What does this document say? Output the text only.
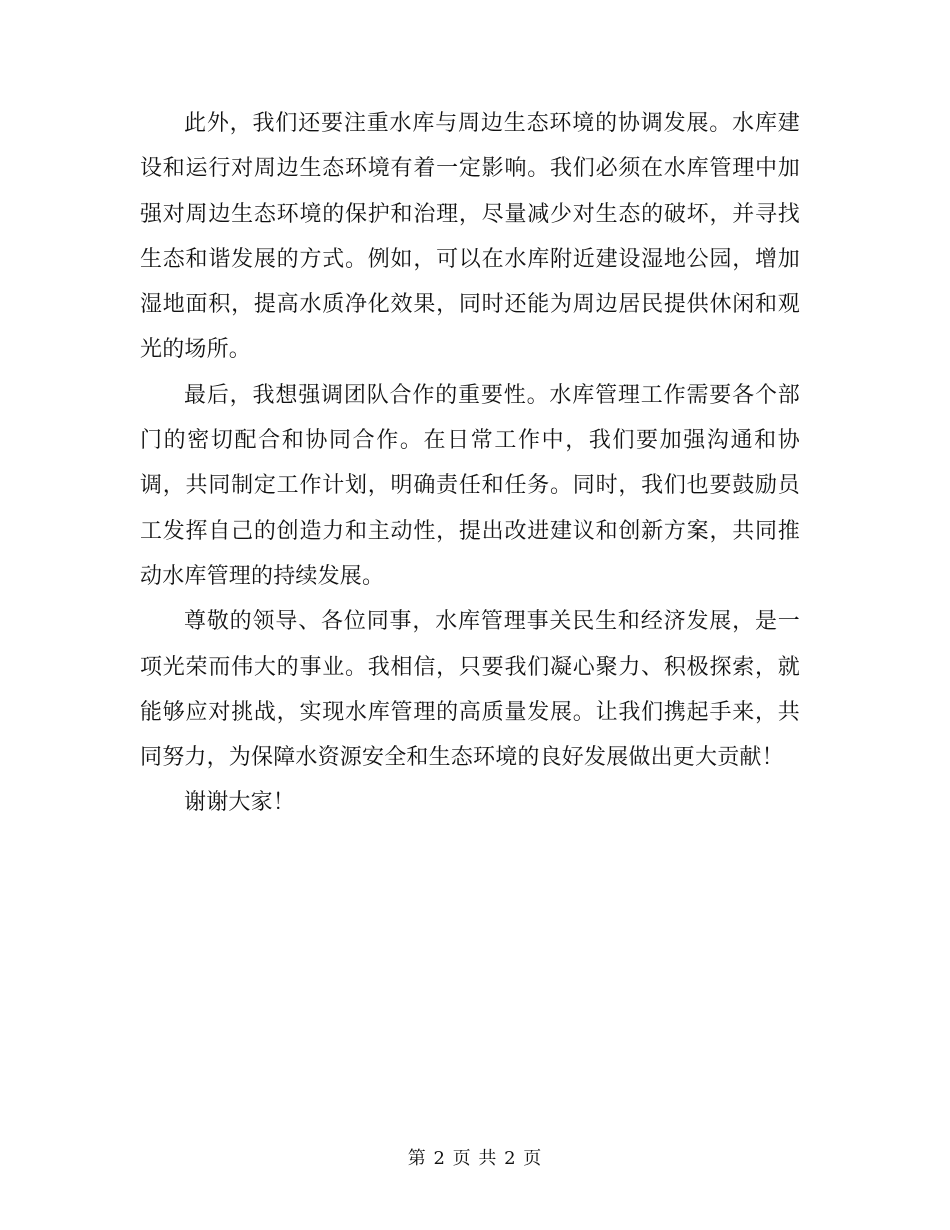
此外，我们还要注重水库与周边生态环境的协调发展。水库建设和运行对周边生态环境有着一定影响。我们必须在水库管理中加强对周边生态环境的保护和治理，尽量减少对生态的破坏，并寻找生态和谐发展的方式。例如，可以在水库附近建设湿地公园，增加湿地面积，提高水质净化效果，同时还能为周边居民提供休闲和观光的场所。

最后，我想强调团队合作的重要性。水库管理工作需要各个部门的密切配合和协同合作。在日常工作中，我们要加强沟通和协调，共同制定工作计划，明确责任和任务。同时，我们也要鼓励员工发挥自己的创造力和主动性，提出改进建议和创新方案，共同推动水库管理的持续发展。

尊敬的领导、各位同事，水库管理事关民生和经济发展，是一项光荣而伟大的事业。我相信，只要我们凝心聚力、积极探索，就能够应对挑战，实现水库管理的高质量发展。让我们携起手来，共同努力，为保障水资源安全和生态环境的良好发展做出更大贡献！

谢谢大家！

第 2 页 共 2 页
